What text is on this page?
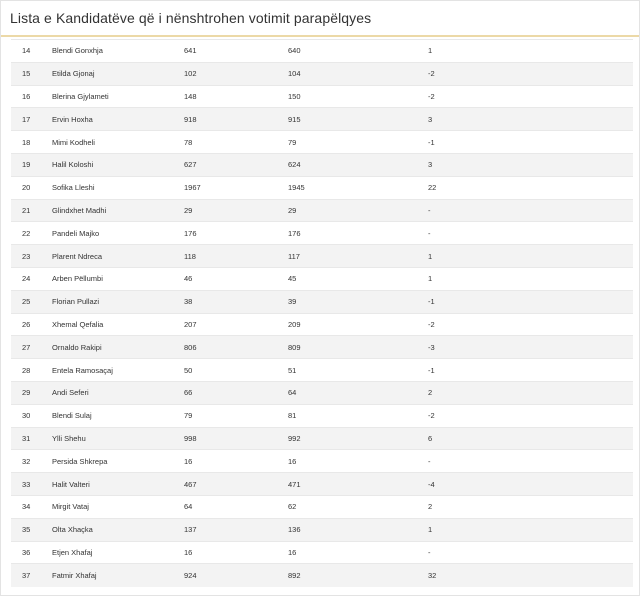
Lista e Kandidatëve që i nënshtrohen votimit parapëlqyes
14	Blendi Gonxhja	641	640	1
15	Etilda Gjonaj	102	104	-2
16	Blerina Gjylameti	148	150	-2
17	Ervin Hoxha	918	915	3
18	Mimi Kodheli	78	79	-1
19	Halil Koloshi	627	624	3
20	Sofika Lleshi	1967	1945	22
21	Glindxhet Madhi	29	29	-
22	Pandeli Majko	176	176	-
23	Plarent Ndreca	118	117	1
24	Arben Pëllumbi	46	45	1
25	Florian Pullazi	38	39	-1
26	Xhemal Qefalia	207	209	-2
27	Ornaldo Rakipi	806	809	-3
28	Entela Ramosaçaj	50	51	-1
29	Andi Seferi	66	64	2
30	Blendi Sulaj	79	81	-2
31	Ylli Shehu	998	992	6
32	Persida Shkrepa	16	16	-
33	Halit Valteri	467	471	-4
34	Mirgit Vataj	64	62	2
35	Olta Xhaçka	137	136	1
36	Etjen Xhafaj	16	16	-
37	Fatmir Xhafaj	924	892	32
